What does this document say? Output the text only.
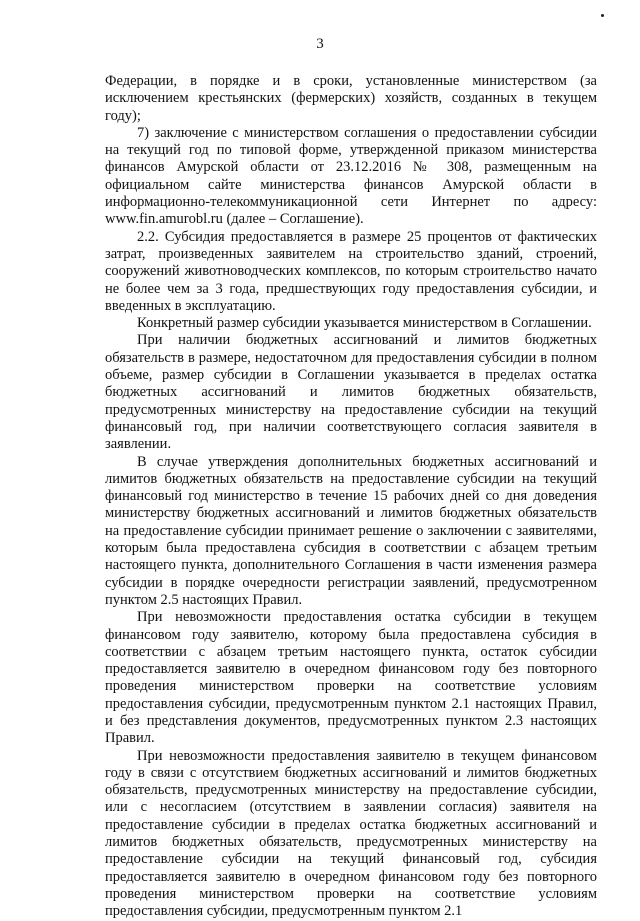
3

Федерации, в порядке и в сроки, установленные министерством (за исключением крестьянских (фермерских) хозяйств, созданных в текущем году);

7) заключение с министерством соглашения о предоставлении субсидии на текущий год по типовой форме, утвержденной приказом министерства финансов Амурской области от 23.12.2016 № 308, размещенным на официальном сайте министерства финансов Амурской области в информационно-телекоммуникационной сети Интернет по адресу: www.fin.amurobl.ru (далее – Соглашение).

2.2. Субсидия предоставляется в размере 25 процентов от фактических затрат, произведенных заявителем на строительство зданий, строений, сооружений животноводческих комплексов, по которым строительство начато не более чем за 3 года, предшествующих году предоставления субсидии, и введенных в эксплуатацию.

Конкретный размер субсидии указывается министерством в Соглашении.

При наличии бюджетных ассигнований и лимитов бюджетных обязательств в размере, недостаточном для предоставления субсидии в полном объеме, размер субсидии в Соглашении указывается в пределах остатка бюджетных ассигнований и лимитов бюджетных обязательств, предусмотренных министерству на предоставление субсидии на текущий финансовый год, при наличии соответствующего согласия заявителя в заявлении.

В случае утверждения дополнительных бюджетных ассигнований и лимитов бюджетных обязательств на предоставление субсидии на текущий финансовый год министерство в течение 15 рабочих дней со дня доведения министерству бюджетных ассигнований и лимитов бюджетных обязательств на предоставление субсидии принимает решение о заключении с заявителями, которым была предоставлена субсидия в соответствии с абзацем третьим настоящего пункта, дополнительного Соглашения в части изменения размера субсидии в порядке очередности регистрации заявлений, предусмотренном пунктом 2.5 настоящих Правил.

При невозможности предоставления остатка субсидии в текущем финансовом году заявителю, которому была предоставлена субсидия в соответствии с абзацем третьим настоящего пункта, остаток субсидии предоставляется заявителю в очередном финансовом году без повторного проведения министерством проверки на соответствие условиям предоставления субсидии, предусмотренным пунктом 2.1 настоящих Правил, и без представления документов, предусмотренных пунктом 2.3 настоящих Правил.

При невозможности предоставления заявителю в текущем финансовом году в связи с отсутствием бюджетных ассигнований и лимитов бюджетных обязательств, предусмотренных министерству на предоставление субсидии, или с несогласием (отсутствием в заявлении согласия) заявителя на предоставление субсидии в пределах остатка бюджетных ассигнований и лимитов бюджетных обязательств, предусмотренных министерству на предоставление субсидии на текущий финансовый год, субсидия предоставляется заявителю в очередном финансовом году без повторного проведения министерством проверки на соответствие условиям предоставления субсидии, предусмотренным пунктом 2.1
